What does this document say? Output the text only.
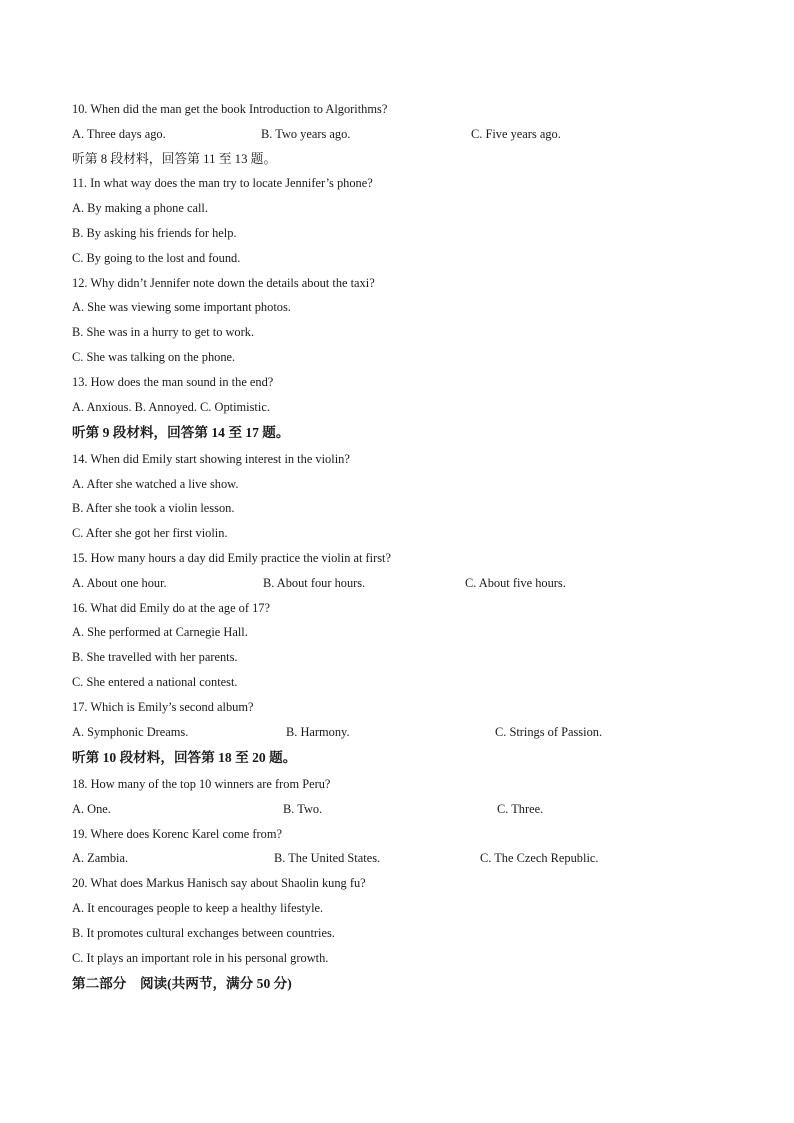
10. When did the man get the book Introduction to Algorithms?
A. Three days ago.	B. Two years ago.	C. Five years ago.
听第 8 段材料，回答第 11 至 13 题。
11. In what way does the man try to locate Jennifer’s phone?
A. By making a phone call.
B. By asking his friends for help.
C. By going to the lost and found.
12. Why didn’t Jennifer note down the details about the taxi?
A. She was viewing some important photos.
B. She was in a hurry to get to work.
C. She was talking on the phone.
13. How does the man sound in the end?
A. Anxious. B. Annoyed. C. Optimistic.
听第 9 段材料，回答第 14 至 17 题。
14. When did Emily start showing interest in the violin?
A. After she watched a live show.
B. After she took a violin lesson.
C. After she got her first violin.
15. How many hours a day did Emily practice the violin at first?
A. About one hour.	B. About four hours.	C. About five hours.
16. What did Emily do at the age of 17?
A. She performed at Carnegie Hall.
B. She travelled with her parents.
C. She entered a national contest.
17. Which is Emily’s second album?
A. Symphonic Dreams.	B. Harmony.	C. Strings of Passion.
听第 10 段材料，回答第 18 至 20 题。
18. How many of the top 10 winners are from Peru?
A. One.	B. Two.	C. Three.
19. Where does Korenc Karel come from?
A. Zambia.	B. The United States.	C. The Czech Republic.
20. What does Markus Hanisch say about Shaolin kung fu?
A. It encourages people to keep a healthy lifestyle.
B. It promotes cultural exchanges between countries.
C. It plays an important role in his personal growth.
第二部分　阅读(共两节，满分 50 分)
